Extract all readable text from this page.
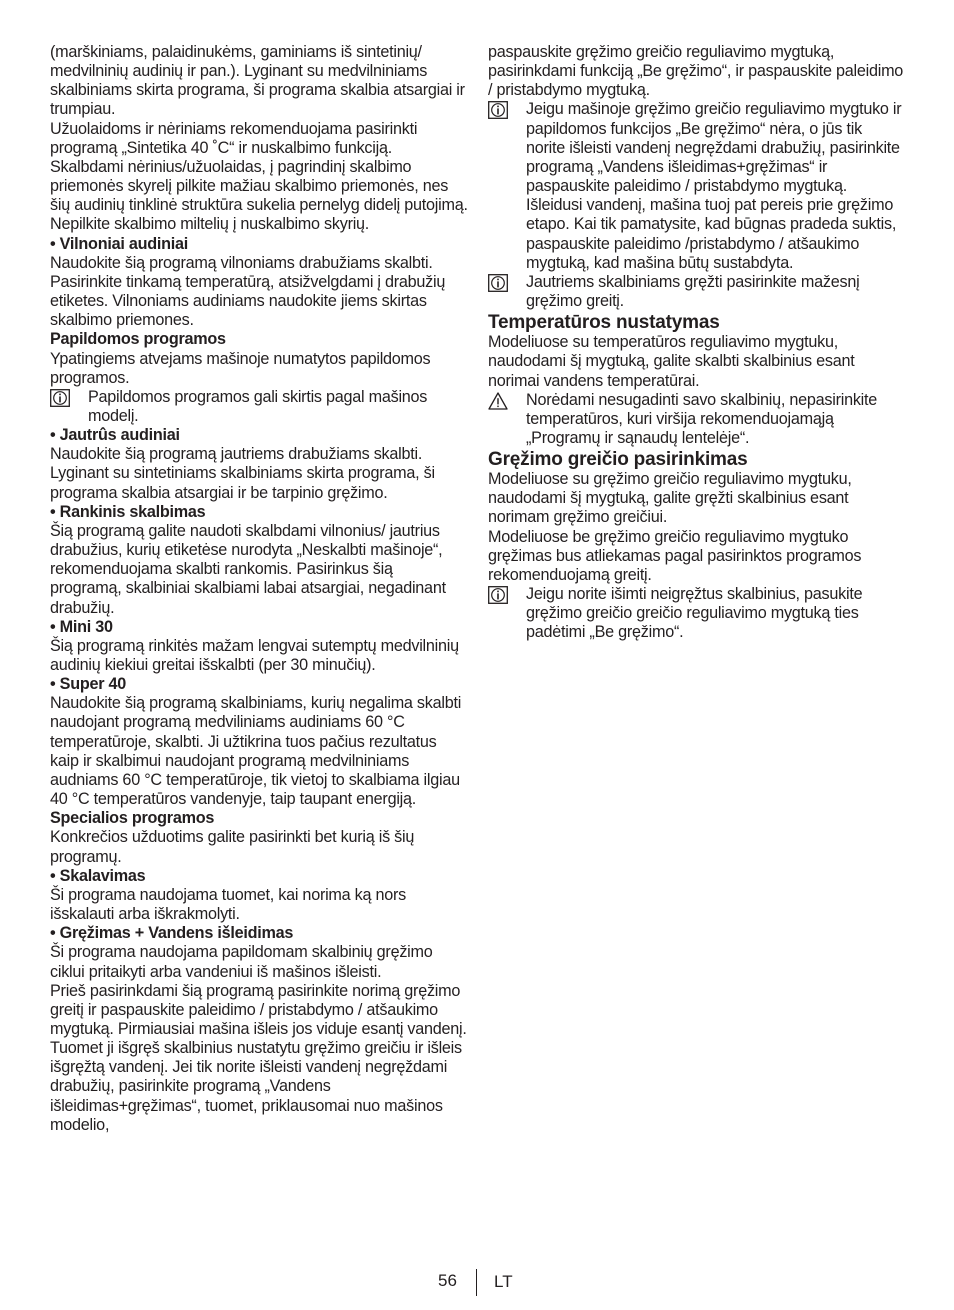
(marškiniams, palaidinukėms, gaminiams iš sintetinių/ medvilninių audinių ir pan.). Lyginant su medvilniniams skalbiniams skirta programa, ši programa skalbia atsargiai ir trumpiau.

Užuolaidoms ir nėriniams rekomenduojama pasirinkti programą „Sintetika 40 ˚C“ ir nuskalbimo funkciją. Skalbdami nėrinius/užuolaidas, į pagrindinį skalbimo priemonės skyrelį pilkite mažiau skalbimo priemonės, nes šių audinių tinklinė struktūra sukelia pernelyg didelį putojimą. Nepilkite skalbimo miltelių į nuskalbimo skyrių.

• Vilnoniai audiniai

Naudokite šią programą vilnoniams drabužiams skalbti. Pasirinkite tinkamą temperatūrą, atsižvelgdami į drabužių etiketes. Vilnoniams audiniams naudokite jiems skirtas skalbimo priemones.

Papildomos programos

Ypatingiems atvejams mašinoje numatytos papildomos programos.

Papildomos programos gali skirtis pagal mašinos modelį.

• Jautrûs audiniai

Naudokite šią programą jautriems drabužiams skalbti. Lyginant su sintetiniams skalbiniams skirta programa, ši programa skalbia atsargiai ir be tarpinio gręžimo.

• Rankinis skalbimas

Šią programą galite naudoti skalbdami vilnonius/ jautrius drabužius, kurių etiketėse nurodyta „Neskalbti mašinoje“, rekomenduojama skalbti rankomis. Pasirinkus šią programą, skalbiniai skalbiami labai atsargiai, negadinant drabužių.

• Mini 30

Šią programą rinkitės mažam lengvai sutemptų medvilninių audinių kiekiui greitai išskalbti (per 30 minučių).

• Super 40

Naudokite šią programą skalbiniams, kurių negalima skalbti naudojant programą medviliniams audiniams 60 °C temperatūroje, skalbti. Ji užtikrina tuos pačius rezultatus kaip ir skalbimui naudojant programą medvilniniams audniams 60 °C temperatūroje, tik vietoj to skalbiama ilgiau 40 °C temperatūros vandenyje, taip taupant energiją.

Specialios programos

Konkrečios užduotims galite pasirinkti bet kurią iš šių programų.

• Skalavimas

Ši programa naudojama tuomet, kai norima ką nors išskalauti arba iškrakmolyti.

• Gręžimas + Vandens išleidimas

Ši programa naudojama papildomam skalbinių gręžimo ciklui pritaikyti arba vandeniui iš mašinos išleisti.

Prieš pasirinkdami šią programą pasirinkite norimą gręžimo greitį ir paspauskite paleidimo / pristabdymo / atšaukimo mygtuką. Pirmiausiai mašina išleis jos viduje esantį vandenį. Tuomet ji išgręš skalbinius nustatytu gręžimo greičiu ir išleis išgręžtą vandenį. Jei tik norite išleisti vandenį negręždami drabužių, pasirinkite programą „Vandens išleidimas+gręžimas“, tuomet, priklausomai nuo mašinos modelio,

paspauskite gręžimo greičio reguliavimo mygtuką, pasirinkdami funkciją „Be gręžimo“, ir paspauskite paleidimo / pristabdymo mygtuką.

Jeigu mašinoje gręžimo greičio reguliavimo mygtuko ir papildomos funkcijos „Be gręžimo“ nėra, o jūs tik norite išleisti vandenį negręždami drabužių, pasirinkite programą „Vandens išleidimas+gręžimas“ ir paspauskite paleidimo / pristabdymo mygtuką. Išleidusi vandenį, mašina tuoj pat pereis prie gręžimo etapo. Kai tik pamatysite, kad būgnas pradeda suktis, paspauskite paleidimo /pristabdymo / atšaukimo mygtuką, kad mašina būtų sustabdyta.
Jautriems skalbiniams gręžti pasirinkite mažesnį gręžimo greitį.

Temperatūros nustatymas

Modeliuose su temperatūros reguliavimo mygtuku, naudodami šį mygtuką, galite skalbti skalbinius esant norimai vandens temperatūrai.

Norėdami nesugadinti savo skalbinių, nepasirinkite temperatūros, kuri viršija rekomenduojamąją „Programų ir sąnaudų lentelėje“.

Gręžimo greičio pasirinkimas

Modeliuose su gręžimo greičio reguliavimo mygtuku, naudodami šį mygtuką, galite gręžti skalbinius esant norimam gręžimo greičiui.

Modeliuose be gręžimo greičio reguliavimo mygtuko gręžimas bus atliekamas pagal pasirinktos programos rekomenduojamą greitį.

Jeigu norite išimti neigręžtus skalbinius, pasukite gręžimo greičio greičio reguliavimo mygtuką ties padėtimi „Be gręžimo“.
56 LT
